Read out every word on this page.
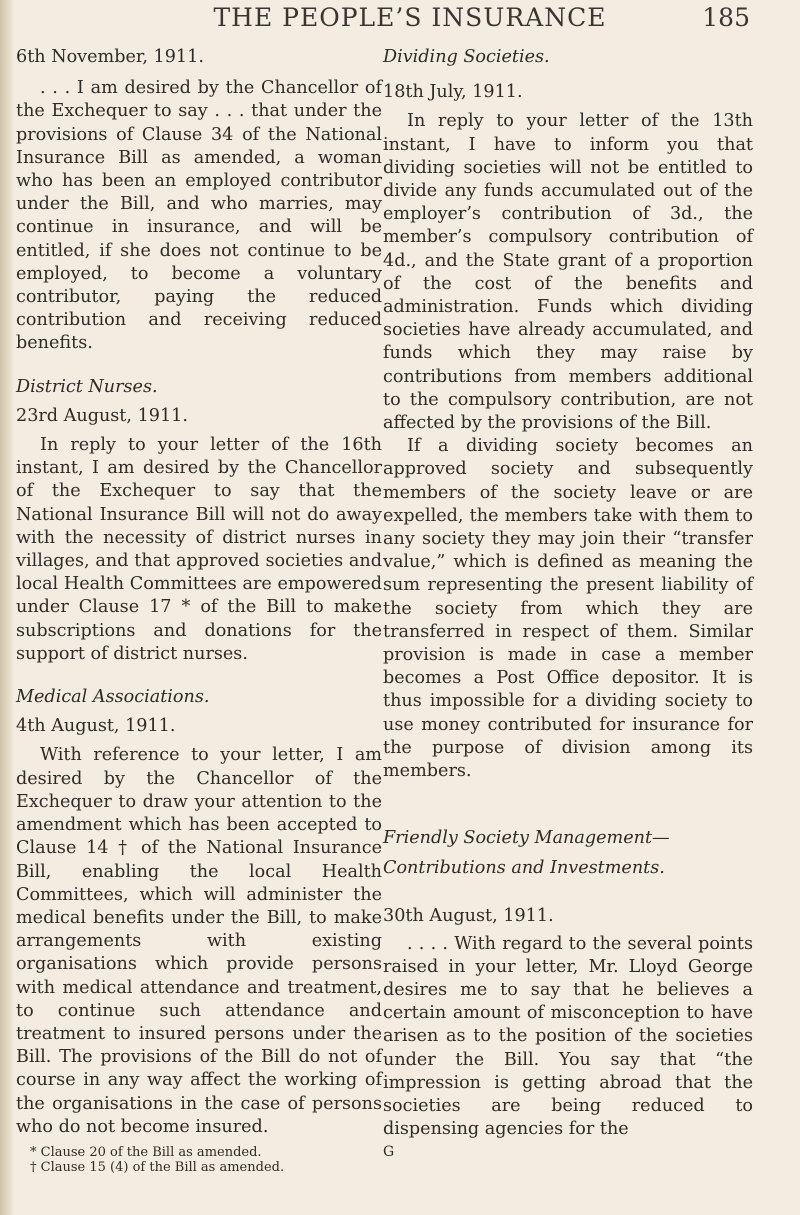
THE PEOPLE’S INSURANCE	185

6th November, 1911.

. . . I am desired by the Chancellor of the Exchequer to say . . . that under the provisions of Clause 34 of the National Insurance Bill as amended, a woman who has been an employed contributor under the Bill, and who marries, may continue in insurance, and will be entitled, if she does not continue to be employed, to become a voluntary contributor, paying the reduced contribution and receiving reduced benefits.

District Nurses.

23rd August, 1911.

In reply to your letter of the 16th instant, I am desired by the Chancellor of the Exchequer to say that the National Insurance Bill will not do away with the necessity of district nurses in villages, and that approved societies and local Health Committees are empowered under Clause 17 * of the Bill to make subscriptions and donations for the support of district nurses.

Medical Associations.

4th August, 1911.

With reference to your letter, I am desired by the Chancellor of the Exchequer to draw your attention to the amendment which has been accepted to Clause 14 † of the National Insurance Bill, enabling the local Health Committees, which will administer the medical benefits under the Bill, to make arrangements with existing organisations which provide persons with medical attendance and treatment, to continue such attendance and treatment to insured persons under the Bill. The provisions of the Bill do not of course in any way affect the working of the organisations in the case of persons who do not become insured.

* Clause 20 of the Bill as amended.

† Clause 15 (4) of the Bill as amended.

Dividing Societies.

18th July, 1911.

In reply to your letter of the 13th instant, I have to inform you that dividing societies will not be entitled to divide any funds accumulated out of the employer’s contribution of 3d., the member’s compulsory contribution of 4d., and the State grant of a proportion of the cost of the benefits and administration. Funds which dividing societies have already accumulated, and funds which they may raise by contributions from members additional to the compulsory contribution, are not affected by the provisions of the Bill.

If a dividing society becomes an approved society and subsequently members of the society leave or are expelled, the members take with them to any society they may join their “transfer value,” which is defined as meaning the sum representing the present liability of the society from which they are transferred in respect of them. Similar provision is made in case a member becomes a Post Office depositor. It is thus impossible for a dividing society to use money contributed for insurance for the purpose of division among its members.

Friendly Society Management—Contributions and Investments.

30th August, 1911.

. . . . With regard to the several points raised in your letter, Mr. Lloyd George desires me to say that he believes a certain amount of misconception to have arisen as to the position of the societies under the Bill. You say that “the impression is getting abroad that the societies are being reduced to dispensing agencies for the

G
